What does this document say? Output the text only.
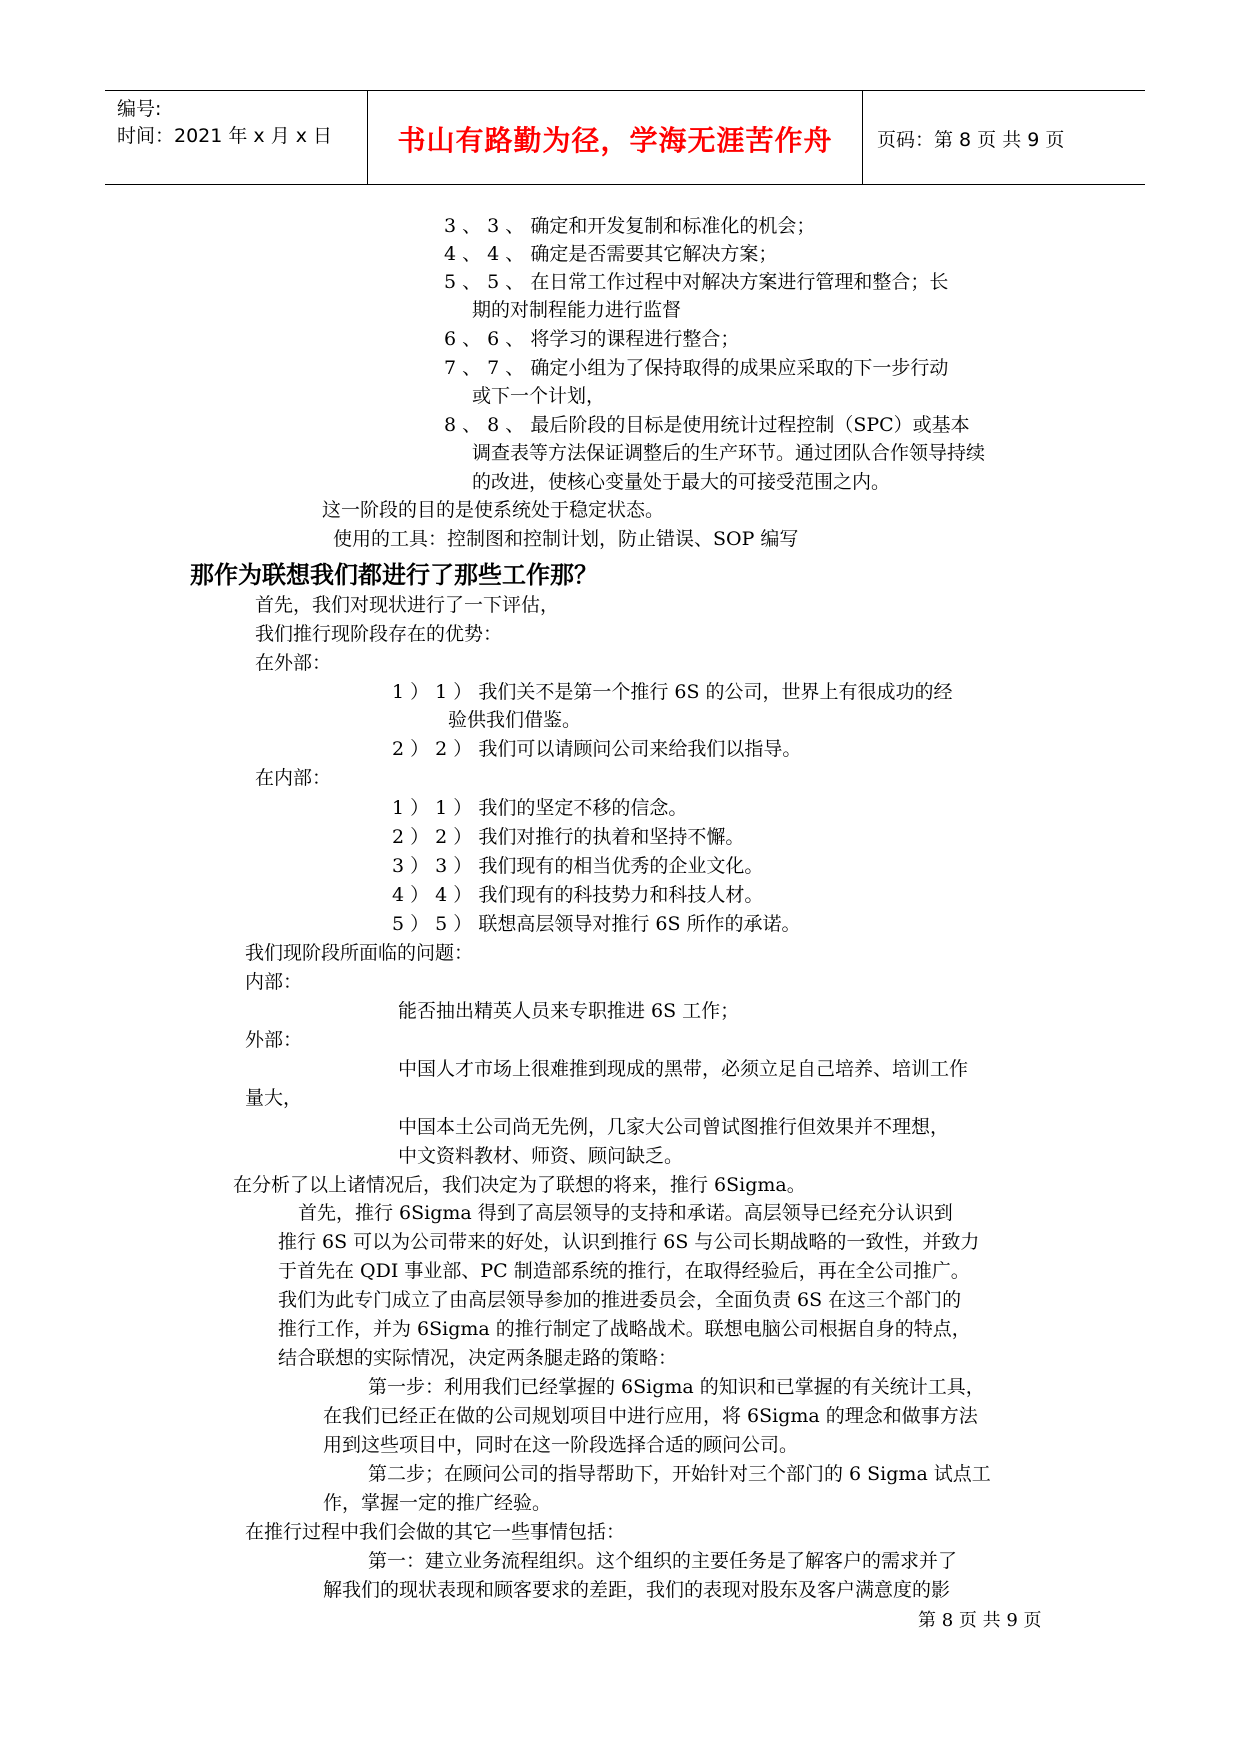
编号:
时间：2021 年 x 月 x 日	书山有路勤为径，学海无涯苦作舟	页码：第 8 页 共 9 页
3 、 3 、 确定和开发复制和标准化的机会；
4 、 4 、 确定是否需要其它解决方案；
5 、 5 、 在日常工作过程中对解决方案进行管理和整合；长
期的对制程能力进行监督
6 、 6 、 将学习的课程进行整合；
7 、 7 、 确定小组为了保持取得的成果应采取的下一步行动
或下一个计划，
8 、 8 、 最后阶段的目标是使用统计过程控制（SPC）或基本
调查表等方法保证调整后的生产环节。通过团队合作领导持续
的改进，使核心变量处于最大的可接受范围之内。
这一阶段的目的是使系统处于稳定状态。
使用的工具：控制图和控制计划，防止错误、SOP 编写
那作为联想我们都进行了那些工作那？
首先，我们对现状进行了一下评估，
我们推行现阶段存在的优势：
在外部：
1 ） 1 ） 我们关不是第一个推行 6S 的公司，世界上有很成功的经
验供我们借鉴。
2 ） 2 ） 我们可以请顾问公司来给我们以指导。
在内部：
1 ） 1 ） 我们的坚定不移的信念。
2 ） 2 ） 我们对推行的执着和坚持不懈。
3 ） 3 ） 我们现有的相当优秀的企业文化。
4 ） 4 ） 我们现有的科技势力和科技人材。
5 ） 5 ） 联想高层领导对推行 6S 所作的承诺。
我们现阶段所面临的问题：
内部：
能否抽出精英人员来专职推进 6S 工作；
外部：
中国人才市场上很难推到现成的黑带，必须立足自己培养、培训工作
量大，
中国本土公司尚无先例，几家大公司曾试图推行但效果并不理想，
中文资料教材、师资、顾问缺乏。
在分析了以上诸情况后，我们决定为了联想的将来，推行 6Sigma。
首先，推行 6Sigma 得到了高层领导的支持和承诺。高层领导已经充分认识到
推行 6S 可以为公司带来的好处，认识到推行 6S 与公司长期战略的一致性，并致力
于首先在 QDI 事业部、PC 制造部系统的推行，在取得经验后，再在全公司推广。
我们为此专门成立了由高层领导参加的推进委员会，全面负责 6S 在这三个部门的
推行工作，并为 6Sigma 的推行制定了战略战术。联想电脑公司根据自身的特点，
结合联想的实际情况，决定两条腿走路的策略：
第一步：利用我们已经掌握的 6Sigma 的知识和已掌握的有关统计工具，
在我们已经正在做的公司规划项目中进行应用，将 6Sigma 的理念和做事方法
用到这些项目中，同时在这一阶段选择合适的顾问公司。
第二步；在顾问公司的指导帮助下，开始针对三个部门的 6 Sigma 试点工
作，掌握一定的推广经验。
在推行过程中我们会做的其它一些事情包括：
第一：建立业务流程组织。这个组织的主要任务是了解客户的需求并了
解我们的现状表现和顾客要求的差距，我们的表现对股东及客户满意度的影
第 8 页 共 9 页
